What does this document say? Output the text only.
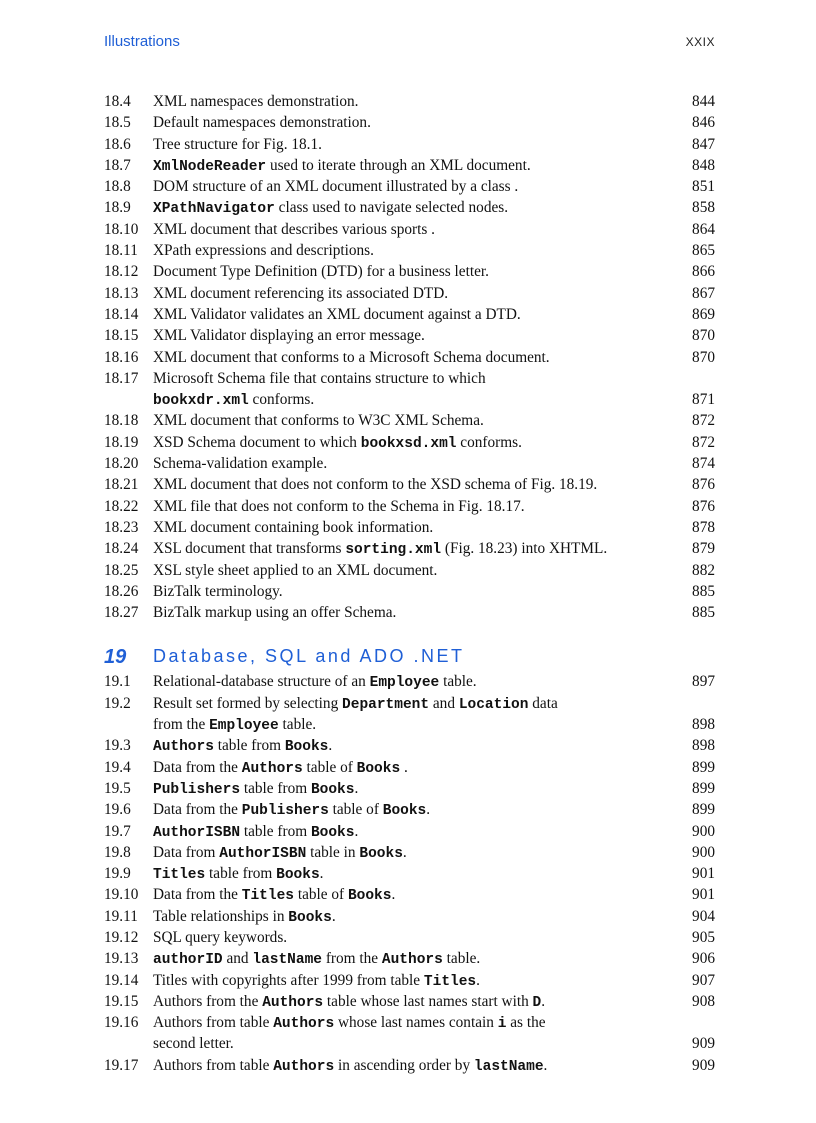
Illustrations	XXIX
18.4 XML namespaces demonstration.	844
18.5 Default namespaces demonstration.	846
18.6 Tree structure for Fig. 18.1.	847
18.7 XmlNodeReader used to iterate through an XML document.	848
18.8 DOM structure of an XML document illustrated by a class .	851
18.9 XPathNavigator class used to navigate selected nodes.	858
18.10 XML document that describes various sports .	864
18.11 XPath expressions and descriptions.	865
18.12 Document Type Definition (DTD) for a business letter.	866
18.13 XML document referencing its associated DTD.	867
18.14 XML Validator validates an XML document against a DTD.	869
18.15 XML Validator displaying an error message.	870
18.16 XML document that conforms to a Microsoft Schema document.	870
18.17 Microsoft Schema file that contains structure to which
bookxdr.xml conforms.	871
18.18 XML document that conforms to W3C XML Schema.	872
18.19 XSD Schema document to which bookxsd.xml conforms.	872
18.20 Schema-validation example.	874
18.21 XML document that does not conform to the XSD schema of Fig. 18.19.	876
18.22 XML file that does not conform to the Schema in Fig. 18.17.	876
18.23 XML document containing book information.	878
18.24 XSL document that transforms sorting.xml (Fig. 18.23) into XHTML.	879
18.25 XSL style sheet applied to an XML document.	882
18.26 BizTalk terminology.	885
18.27 BizTalk markup using an offer Schema.	885
19 Database, SQL and ADO .NET
19.1 Relational-database structure of an Employee table.	897
19.2 Result set formed by selecting Department and Location data
from the Employee table.	898
19.3 Authors table from Books.	898
19.4 Data from the Authors table of Books .	899
19.5 Publishers table from Books.	899
19.6 Data from the Publishers table of Books.	899
19.7 AuthorISBN table from Books.	900
19.8 Data from AuthorISBN table in Books.	900
19.9 Titles table from Books.	901
19.10 Data from the Titles table of Books.	901
19.11 Table relationships in Books.	904
19.12 SQL query keywords.	905
19.13 authorID and lastName from the Authors table.	906
19.14 Titles with copyrights after 1999 from table Titles.	907
19.15 Authors from the Authors table whose last names start with D.	908
19.16 Authors from table Authors whose last names contain i as the
second letter.	909
19.17 Authors from table Authors in ascending order by lastName.	909
